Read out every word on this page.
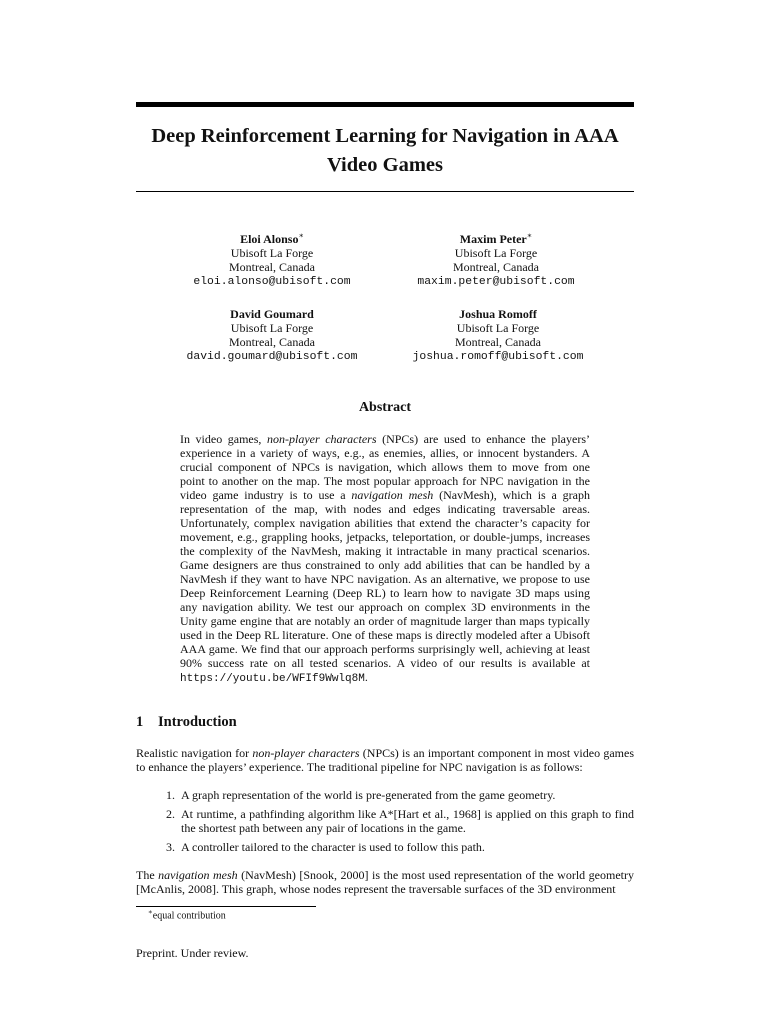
Deep Reinforcement Learning for Navigation in AAA Video Games
Eloi Alonso∗
Ubisoft La Forge
Montreal, Canada
eloi.alonso@ubisoft.com
Maxim Peter∗
Ubisoft La Forge
Montreal, Canada
maxim.peter@ubisoft.com
David Goumard
Ubisoft La Forge
Montreal, Canada
david.goumard@ubisoft.com
Joshua Romoff
Ubisoft La Forge
Montreal, Canada
joshua.romoff@ubisoft.com
Abstract

In video games, non-player characters (NPCs) are used to enhance the players’ experience in a variety of ways, e.g., as enemies, allies, or innocent bystanders. A crucial component of NPCs is navigation, which allows them to move from one point to another on the map. The most popular approach for NPC navigation in the video game industry is to use a navigation mesh (NavMesh), which is a graph representation of the map, with nodes and edges indicating traversable areas. Unfortunately, complex navigation abilities that extend the character’s capacity for movement, e.g., grappling hooks, jetpacks, teleportation, or double-jumps, increases the complexity of the NavMesh, making it intractable in many practical scenarios. Game designers are thus constrained to only add abilities that can be handled by a NavMesh if they want to have NPC navigation. As an alternative, we propose to use Deep Reinforcement Learning (Deep RL) to learn how to navigate 3D maps using any navigation ability. We test our approach on complex 3D environments in the Unity game engine that are notably an order of magnitude larger than maps typically used in the Deep RL literature. One of these maps is directly modeled after a Ubisoft AAA game. We find that our approach performs surprisingly well, achieving at least 90% success rate on all tested scenarios. A video of our results is available at https://youtu.be/WFIf9Wwlq8M.

1 Introduction

Realistic navigation for non-player characters (NPCs) is an important component in most video games to enhance the players’ experience. The traditional pipeline for NPC navigation is as follows:

1. A graph representation of the world is pre-generated from the game geometry.
2. At runtime, a pathfinding algorithm like A*[Hart et al., 1968] is applied on this graph to find the shortest path between any pair of locations in the game.
3. A controller tailored to the character is used to follow this path.

The navigation mesh (NavMesh) [Snook, 2000] is the most used representation of the world geometry [McAnlis, 2008]. This graph, whose nodes represent the traversable surfaces of the 3D environment

∗equal contribution
Preprint. Under review.
